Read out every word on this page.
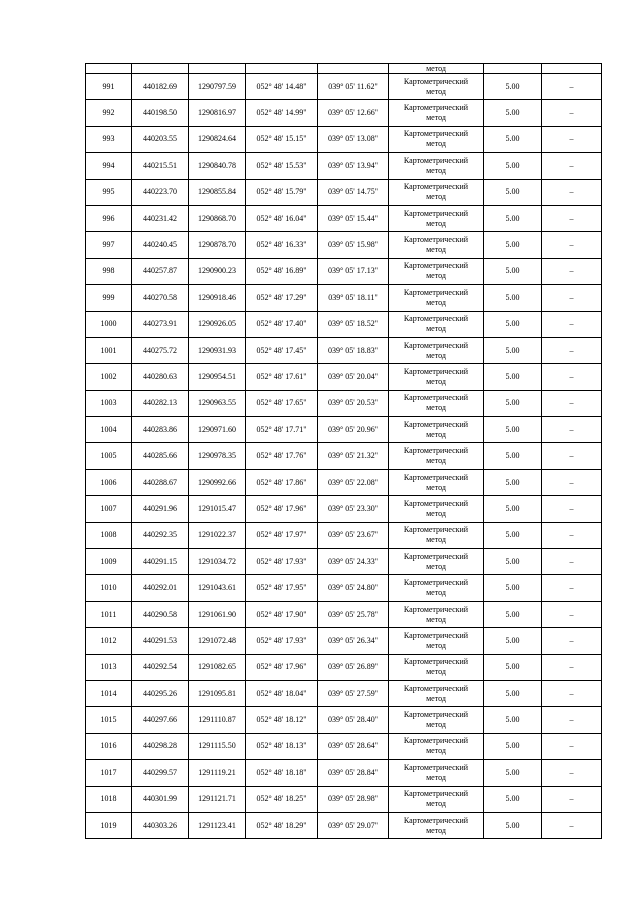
					метод		
991	440182.69	1290797.59	052° 48' 14.48"	039° 05' 11.62"	Картометрический
метод	5.00	–
992	440198.50	1290816.97	052° 48' 14.99"	039° 05' 12.66"	Картометрический
метод	5.00	–
993	440203.55	1290824.64	052° 48' 15.15"	039° 05' 13.08"	Картометрический
метод	5.00	–
994	440215.51	1290840.78	052° 48' 15.53"	039° 05' 13.94"	Картометрический
метод	5.00	–
995	440223.70	1290855.84	052° 48' 15.79"	039° 05' 14.75"	Картометрический
метод	5.00	–
996	440231.42	1290868.70	052° 48' 16.04"	039° 05' 15.44"	Картометрический
метод	5.00	–
997	440240.45	1290878.70	052° 48' 16.33"	039° 05' 15.98"	Картометрический
метод	5.00	–
998	440257.87	1290900.23	052° 48' 16.89"	039° 05' 17.13"	Картометрический
метод	5.00	–
999	440270.58	1290918.46	052° 48' 17.29"	039° 05' 18.11"	Картометрический
метод	5.00	–
1000	440273.91	1290926.05	052° 48' 17.40"	039° 05' 18.52"	Картометрический
метод	5.00	–
1001	440275.72	1290931.93	052° 48' 17.45"	039° 05' 18.83"	Картометрический
метод	5.00	–
1002	440280.63	1290954.51	052° 48' 17.61"	039° 05' 20.04"	Картометрический
метод	5.00	–
1003	440282.13	1290963.55	052° 48' 17.65"	039° 05' 20.53"	Картометрический
метод	5.00	–
1004	440283.86	1290971.60	052° 48' 17.71"	039° 05' 20.96"	Картометрический
метод	5.00	–
1005	440285.66	1290978.35	052° 48' 17.76"	039° 05' 21.32"	Картометрический
метод	5.00	–
1006	440288.67	1290992.66	052° 48' 17.86"	039° 05' 22.08"	Картометрический
метод	5.00	–
1007	440291.96	1291015.47	052° 48' 17.96"	039° 05' 23.30"	Картометрический
метод	5.00	–
1008	440292.35	1291022.37	052° 48' 17.97"	039° 05' 23.67"	Картометрический
метод	5.00	–
1009	440291.15	1291034.72	052° 48' 17.93"	039° 05' 24.33"	Картометрический
метод	5.00	–
1010	440292.01	1291043.61	052° 48' 17.95"	039° 05' 24.80"	Картометрический
метод	5.00	–
1011	440290.58	1291061.90	052° 48' 17.90"	039° 05' 25.78"	Картометрический
метод	5.00	–
1012	440291.53	1291072.48	052° 48' 17.93"	039° 05' 26.34"	Картометрический
метод	5.00	–
1013	440292.54	1291082.65	052° 48' 17.96"	039° 05' 26.89"	Картометрический
метод	5.00	–
1014	440295.26	1291095.81	052° 48' 18.04"	039° 05' 27.59"	Картометрический
метод	5.00	–
1015	440297.66	1291110.87	052° 48' 18.12"	039° 05' 28.40"	Картометрический
метод	5.00	–
1016	440298.28	1291115.50	052° 48' 18.13"	039° 05' 28.64"	Картометрический
метод	5.00	–
1017	440299.57	1291119.21	052° 48' 18.18"	039° 05' 28.84"	Картометрический
метод	5.00	–
1018	440301.99	1291121.71	052° 48' 18.25"	039° 05' 28.98"	Картометрический
метод	5.00	–
1019	440303.26	1291123.41	052° 48' 18.29"	039° 05' 29.07"	Картометрический
метод	5.00	–
